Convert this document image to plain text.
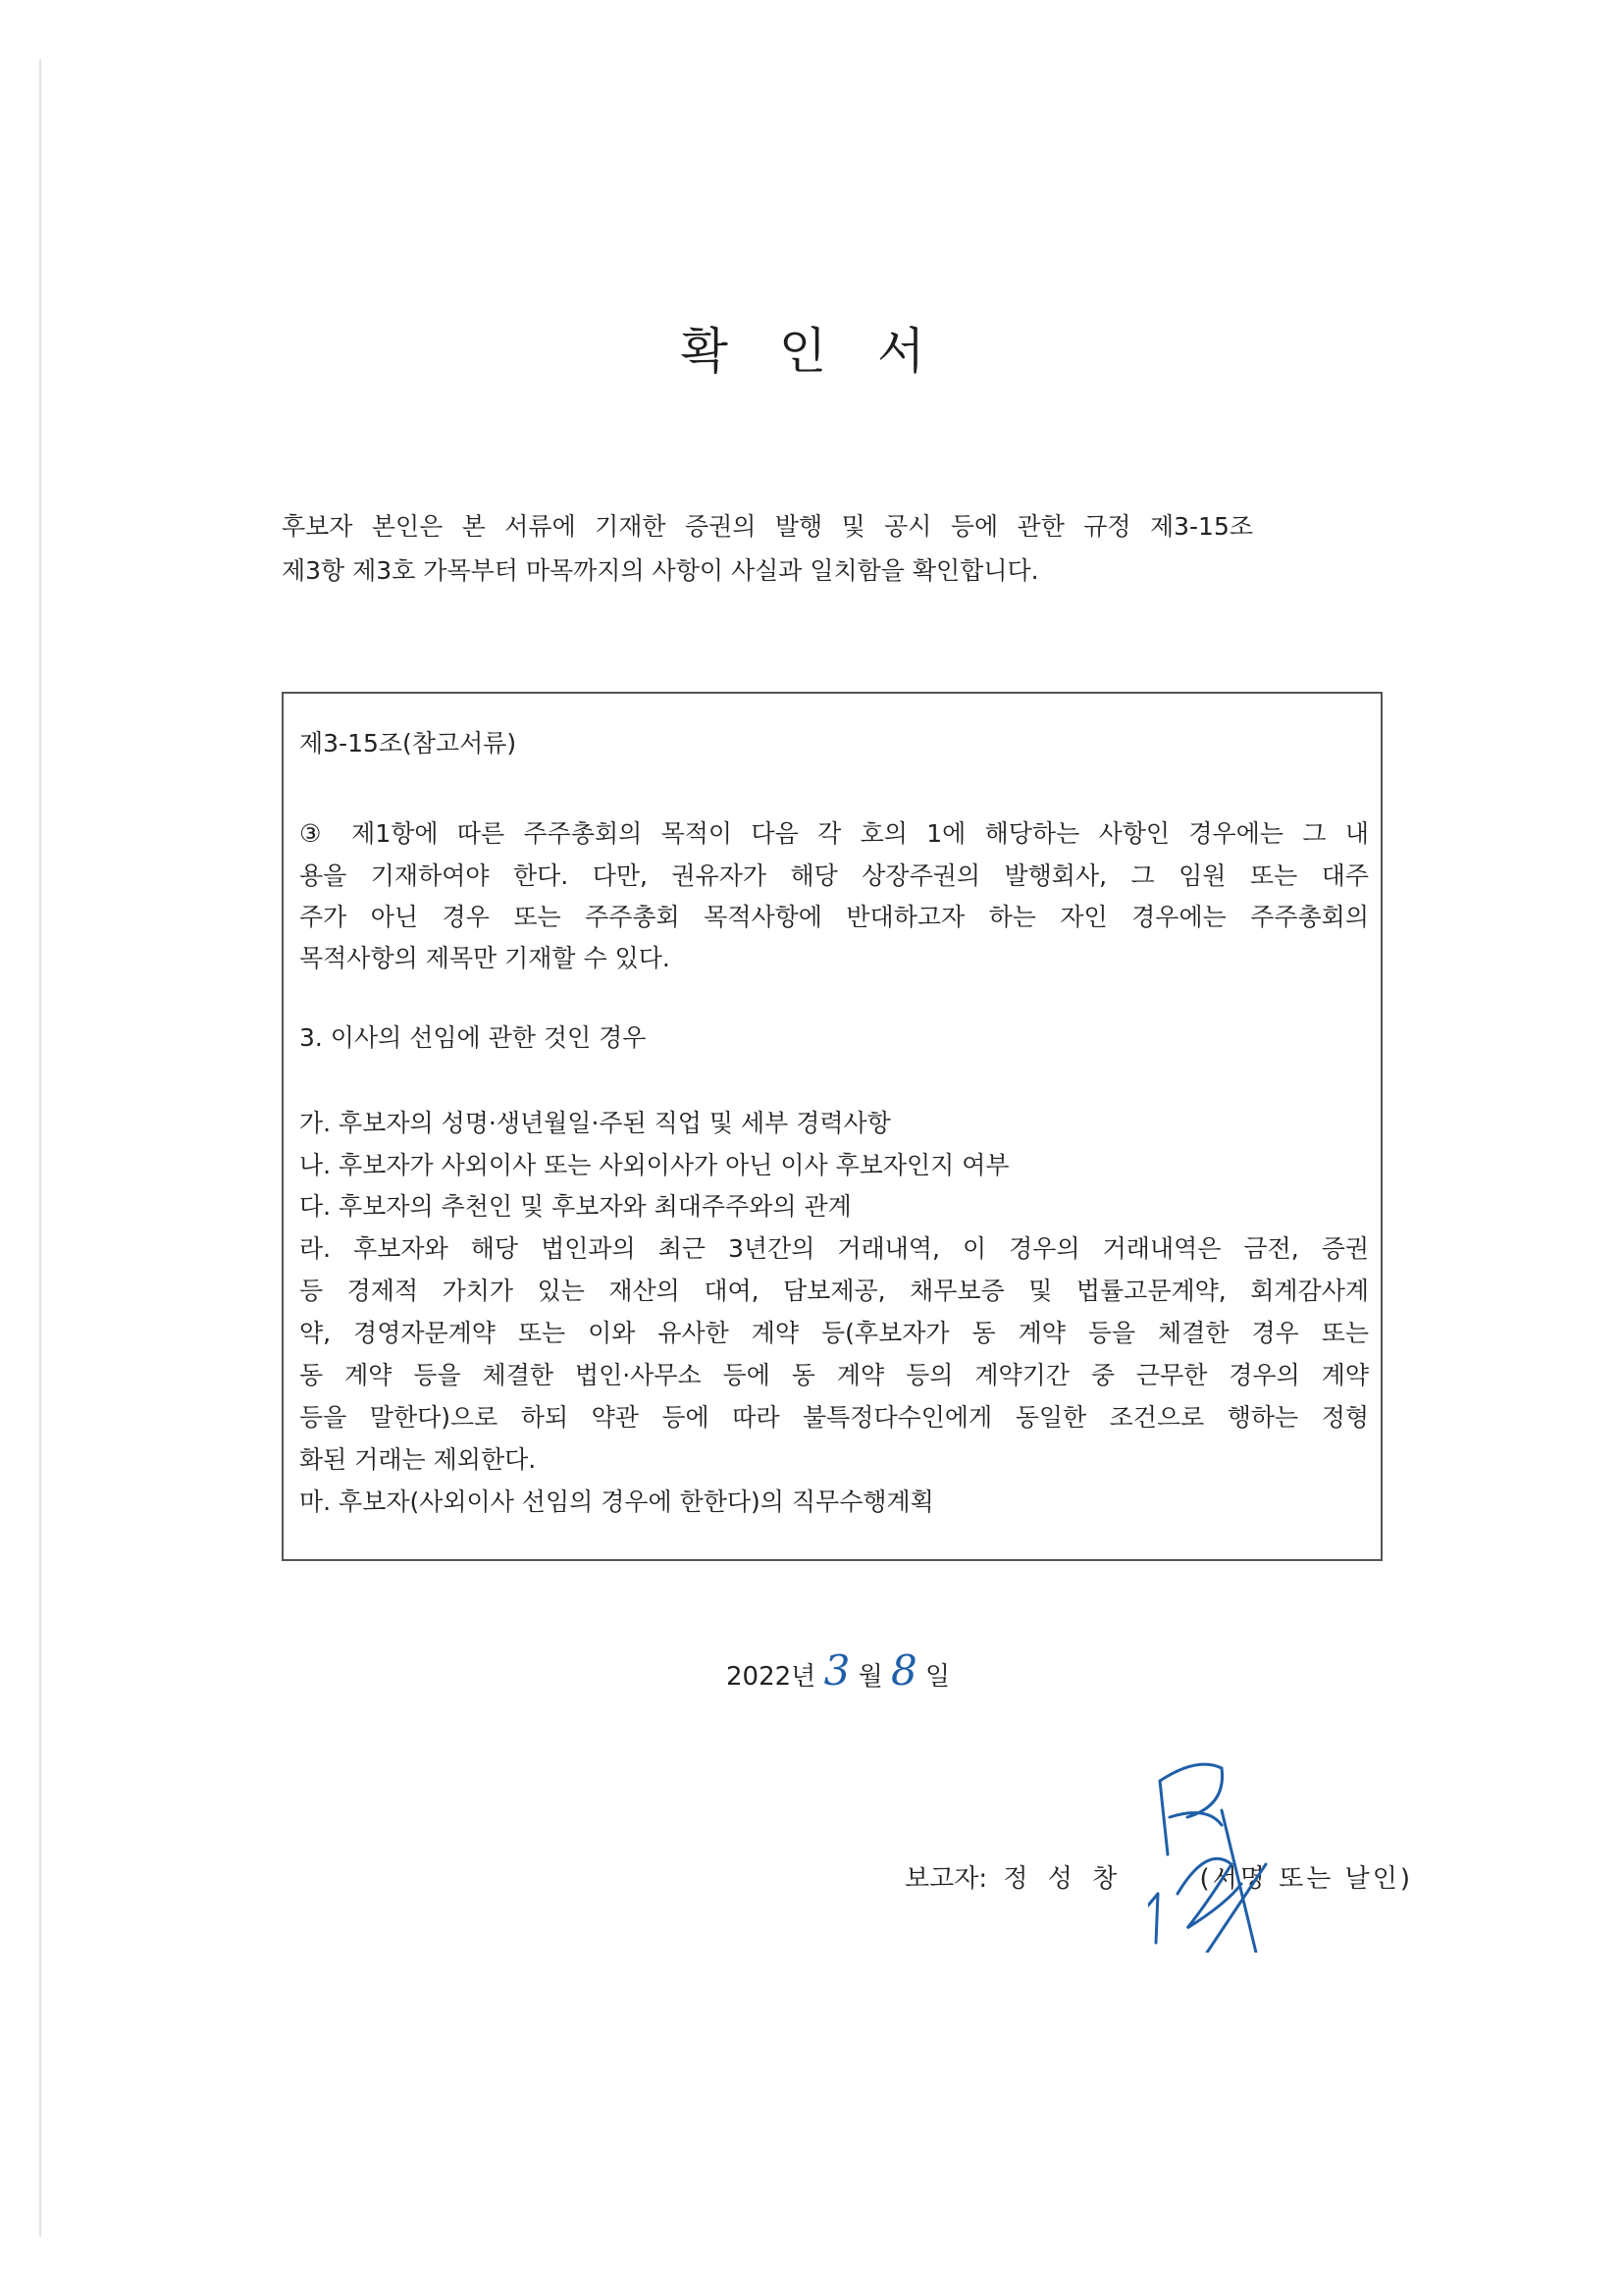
확 인 서
후보자 본인은 본 서류에 기재한 증권의 발행 및 공시 등에 관한 규정 제3-15조
제3항 제3호 가목부터 마목까지의 사항이 사실과 일치함을 확인합니다.
제3-15조(참고서류)
③ 제1항에 따른 주주총회의 목적이 다음 각 호의 1에 해당하는 사항인 경우에는 그 내
용을 기재하여야 한다. 다만, 권유자가 해당 상장주권의 발행회사, 그 임원 또는 대주
주가 아닌 경우 또는 주주총회 목적사항에 반대하고자 하는 자인 경우에는 주주총회의
목적사항의 제목만 기재할 수 있다.
3. 이사의 선임에 관한 것인 경우
가. 후보자의 성명·생년월일·주된 직업 및 세부 경력사항
나. 후보자가 사외이사 또는 사외이사가 아닌 이사 후보자인지 여부
다. 후보자의 추천인 및 후보자와 최대주주와의 관계
라. 후보자와 해당 법인과의 최근 3년간의 거래내역, 이 경우의 거래내역은 금전, 증권
등 경제적 가치가 있는 재산의 대여, 담보제공, 채무보증 및 법률고문계약, 회계감사계
약, 경영자문계약 또는 이와 유사한 계약 등(후보자가 동 계약 등을 체결한 경우 또는
동 계약 등을 체결한 법인·사무소 등에 동 계약 등의 계약기간 중 근무한 경우의 계약
등을 말한다)으로 하되 약관 등에 따라 불특정다수인에게 동일한 조건으로 행하는 정형
화된 거래는 제외한다.
마. 후보자(사외이사 선임의 경우에 한한다)의 직무수행계획
2022년 3 월 8 일
보고자: 정 성 창	(서명 또는 날인)
